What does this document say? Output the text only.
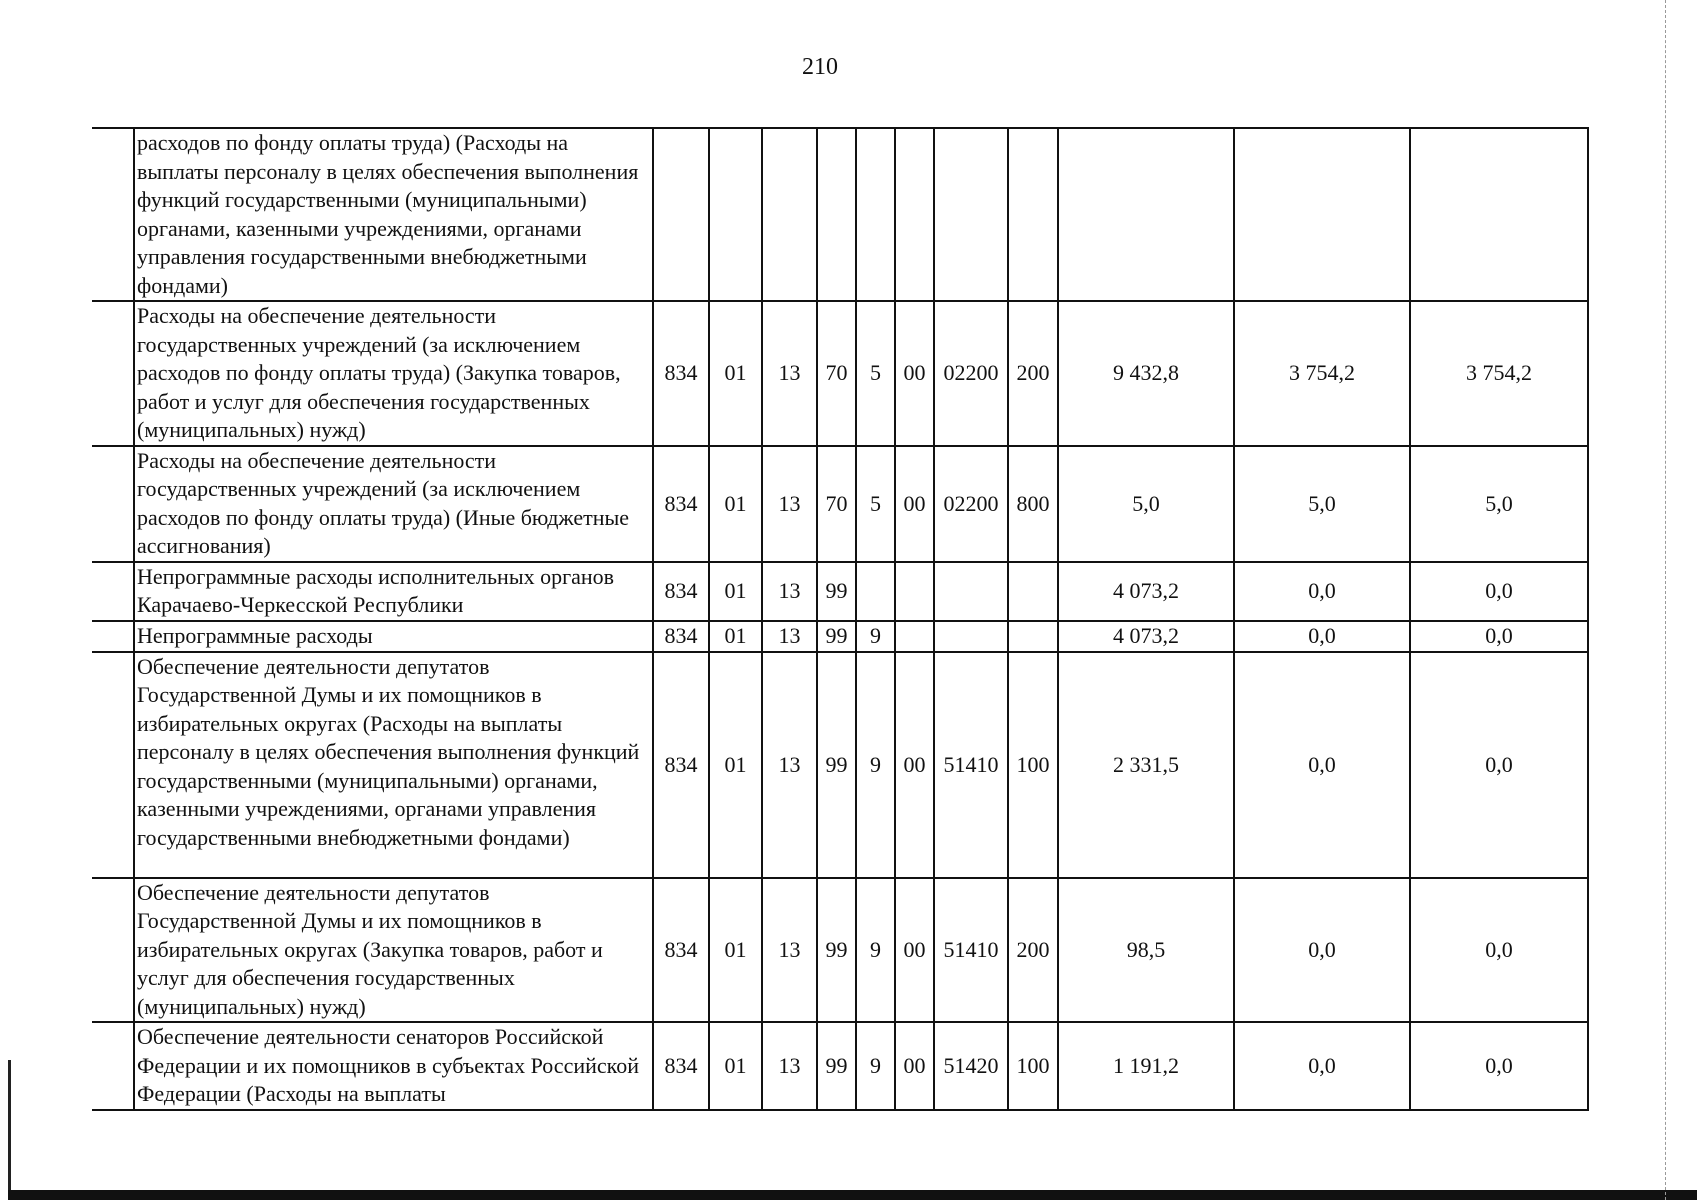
210
	расходов по фонду оплаты труда) (Расходы на выплаты персоналу в целях обеспечения выполнения функций государственными (муниципальными) органами, казенными учреждениями, органами управления государственными внебюджетными фондами)											
	Расходы на обеспечение деятельности государственных учреждений (за исключением расходов по фонду оплаты труда) (Закупка товаров, работ и услуг для обеспечения государственных (муниципальных) нужд)	834	01	13	70	5	00	02200	200	9 432,8	3 754,2	3 754,2
	Расходы на обеспечение деятельности государственных учреждений (за исключением расходов по фонду оплаты труда) (Иные бюджетные ассигнования)	834	01	13	70	5	00	02200	800	5,0	5,0	5,0
	Непрограммные расходы исполнительных органов Карачаево-Черкесской Республики	834	01	13	99					4 073,2	0,0	0,0
	Непрограммные расходы	834	01	13	99	9				4 073,2	0,0	0,0
	Обеспечение деятельности депутатов Государственной Думы и их помощников в избирательных округах (Расходы на выплаты персоналу в целях обеспечения выполнения функций государственными (муниципальными) органами, казенными учреждениями, органами управления государственными внебюджетными фондами)	834	01	13	99	9	00	51410	100	2 331,5	0,0	0,0
	Обеспечение деятельности депутатов Государственной Думы и их помощников в избирательных округах (Закупка товаров, работ и услуг для обеспечения государственных (муниципальных) нужд)	834	01	13	99	9	00	51410	200	98,5	0,0	0,0
	Обеспечение деятельности сенаторов Российской Федерации и их помощников в субъектах Российской Федерации (Расходы на выплаты	834	01	13	99	9	00	51420	100	1 191,2	0,0	0,0
